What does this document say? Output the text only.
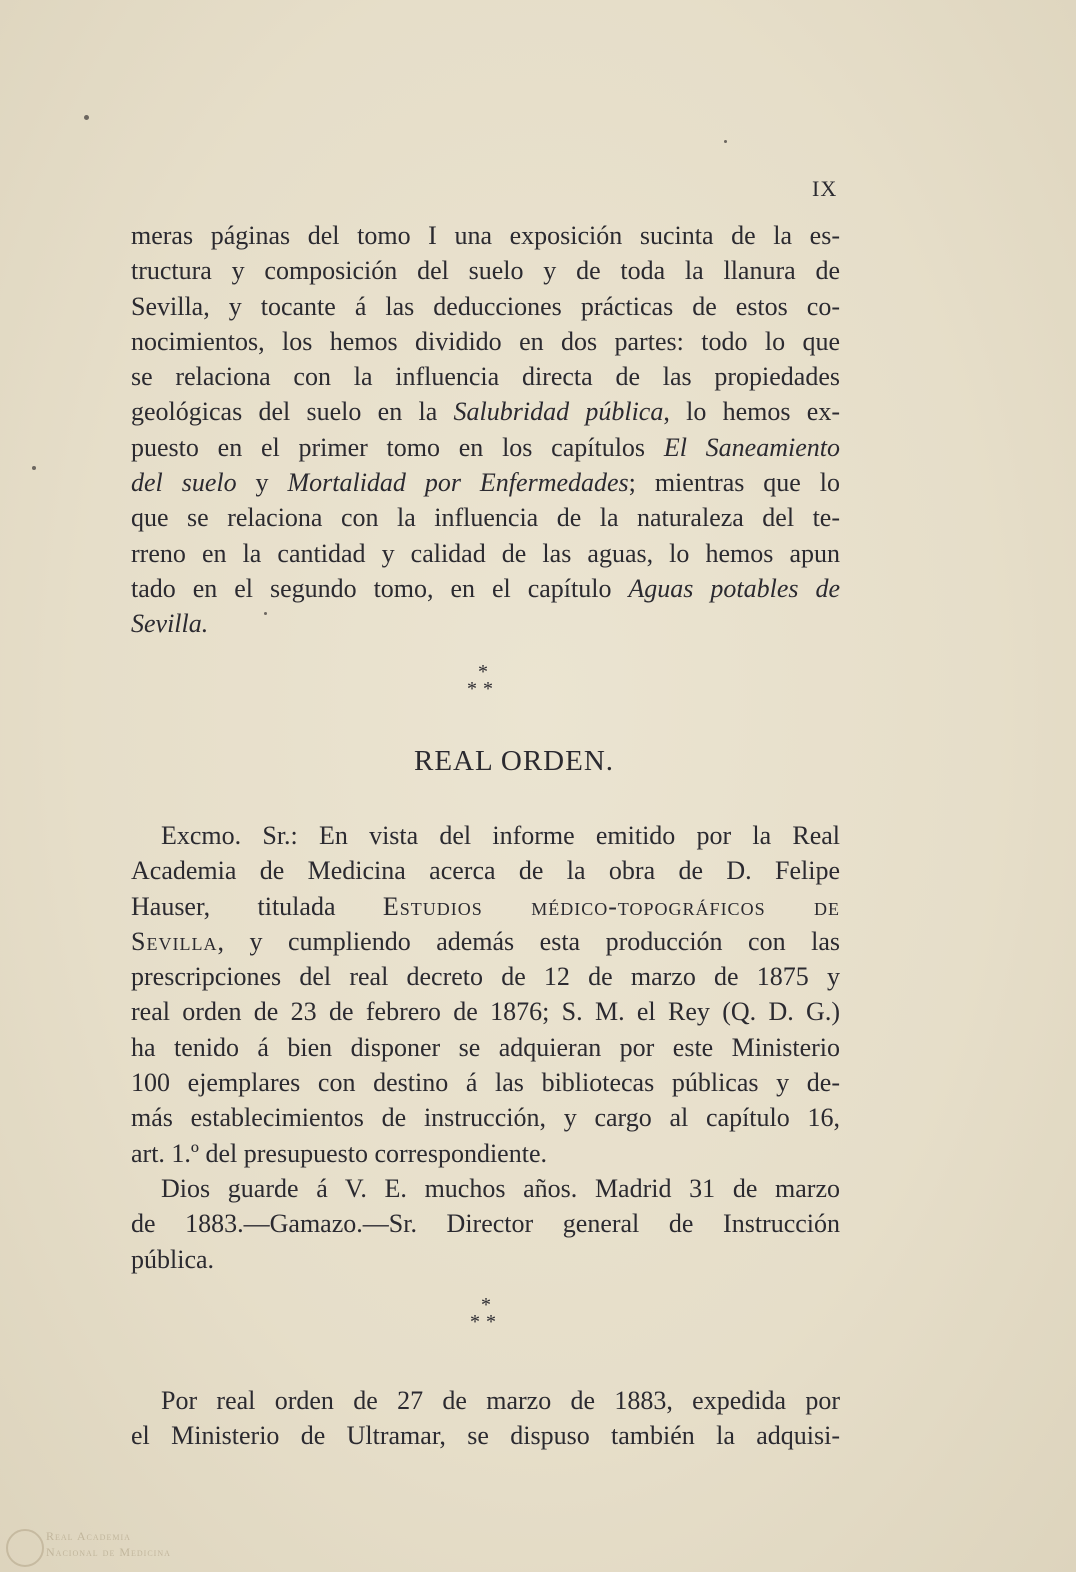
IX
meras páginas del tomo I una exposición sucinta de la es-
tructura y composición del suelo y de toda la llanura de
Sevilla, y tocante á las deducciones prácticas de estos co-
nocimientos, los hemos dividido en dos partes: todo lo que
se relaciona con la influencia directa de las propiedades
geológicas del suelo en la Salubridad pública, lo hemos ex-
puesto en el primer tomo en los capítulos El Saneamiento
del suelo y Mortalidad por Enfermedades; mientras que lo
que se relaciona con la influencia de la naturaleza del te-
rreno en la cantidad y calidad de las aguas, lo hemos apun
tado en el segundo tomo, en el capítulo Aguas potables de
Sevilla.
*
**
REAL ORDEN.
Excmo. Sr.: En vista del informe emitido por la Real
Academia de Medicina acerca de la obra de D. Felipe
Hauser, titulada Estudios médico-topográficos de
Sevilla, y cumpliendo además esta producción con las
prescripciones del real decreto de 12 de marzo de 1875 y
real orden de 23 de febrero de 1876; S. M. el Rey (Q. D. G.)
ha tenido á bien disponer se adquieran por este Ministerio
100 ejemplares con destino á las bibliotecas públicas y de-
más establecimientos de instrucción, y cargo al capítulo 16,
art. 1.º del presupuesto correspondiente.
Dios guarde á V. E. muchos años. Madrid 31 de marzo
de 1883.—Gamazo.—Sr. Director general de Instrucción
pública.
*
**
Por real orden de 27 de marzo de 1883, expedida por
el Ministerio de Ultramar, se dispuso también la adquisi-
Real Academia
Nacional de Medicina
